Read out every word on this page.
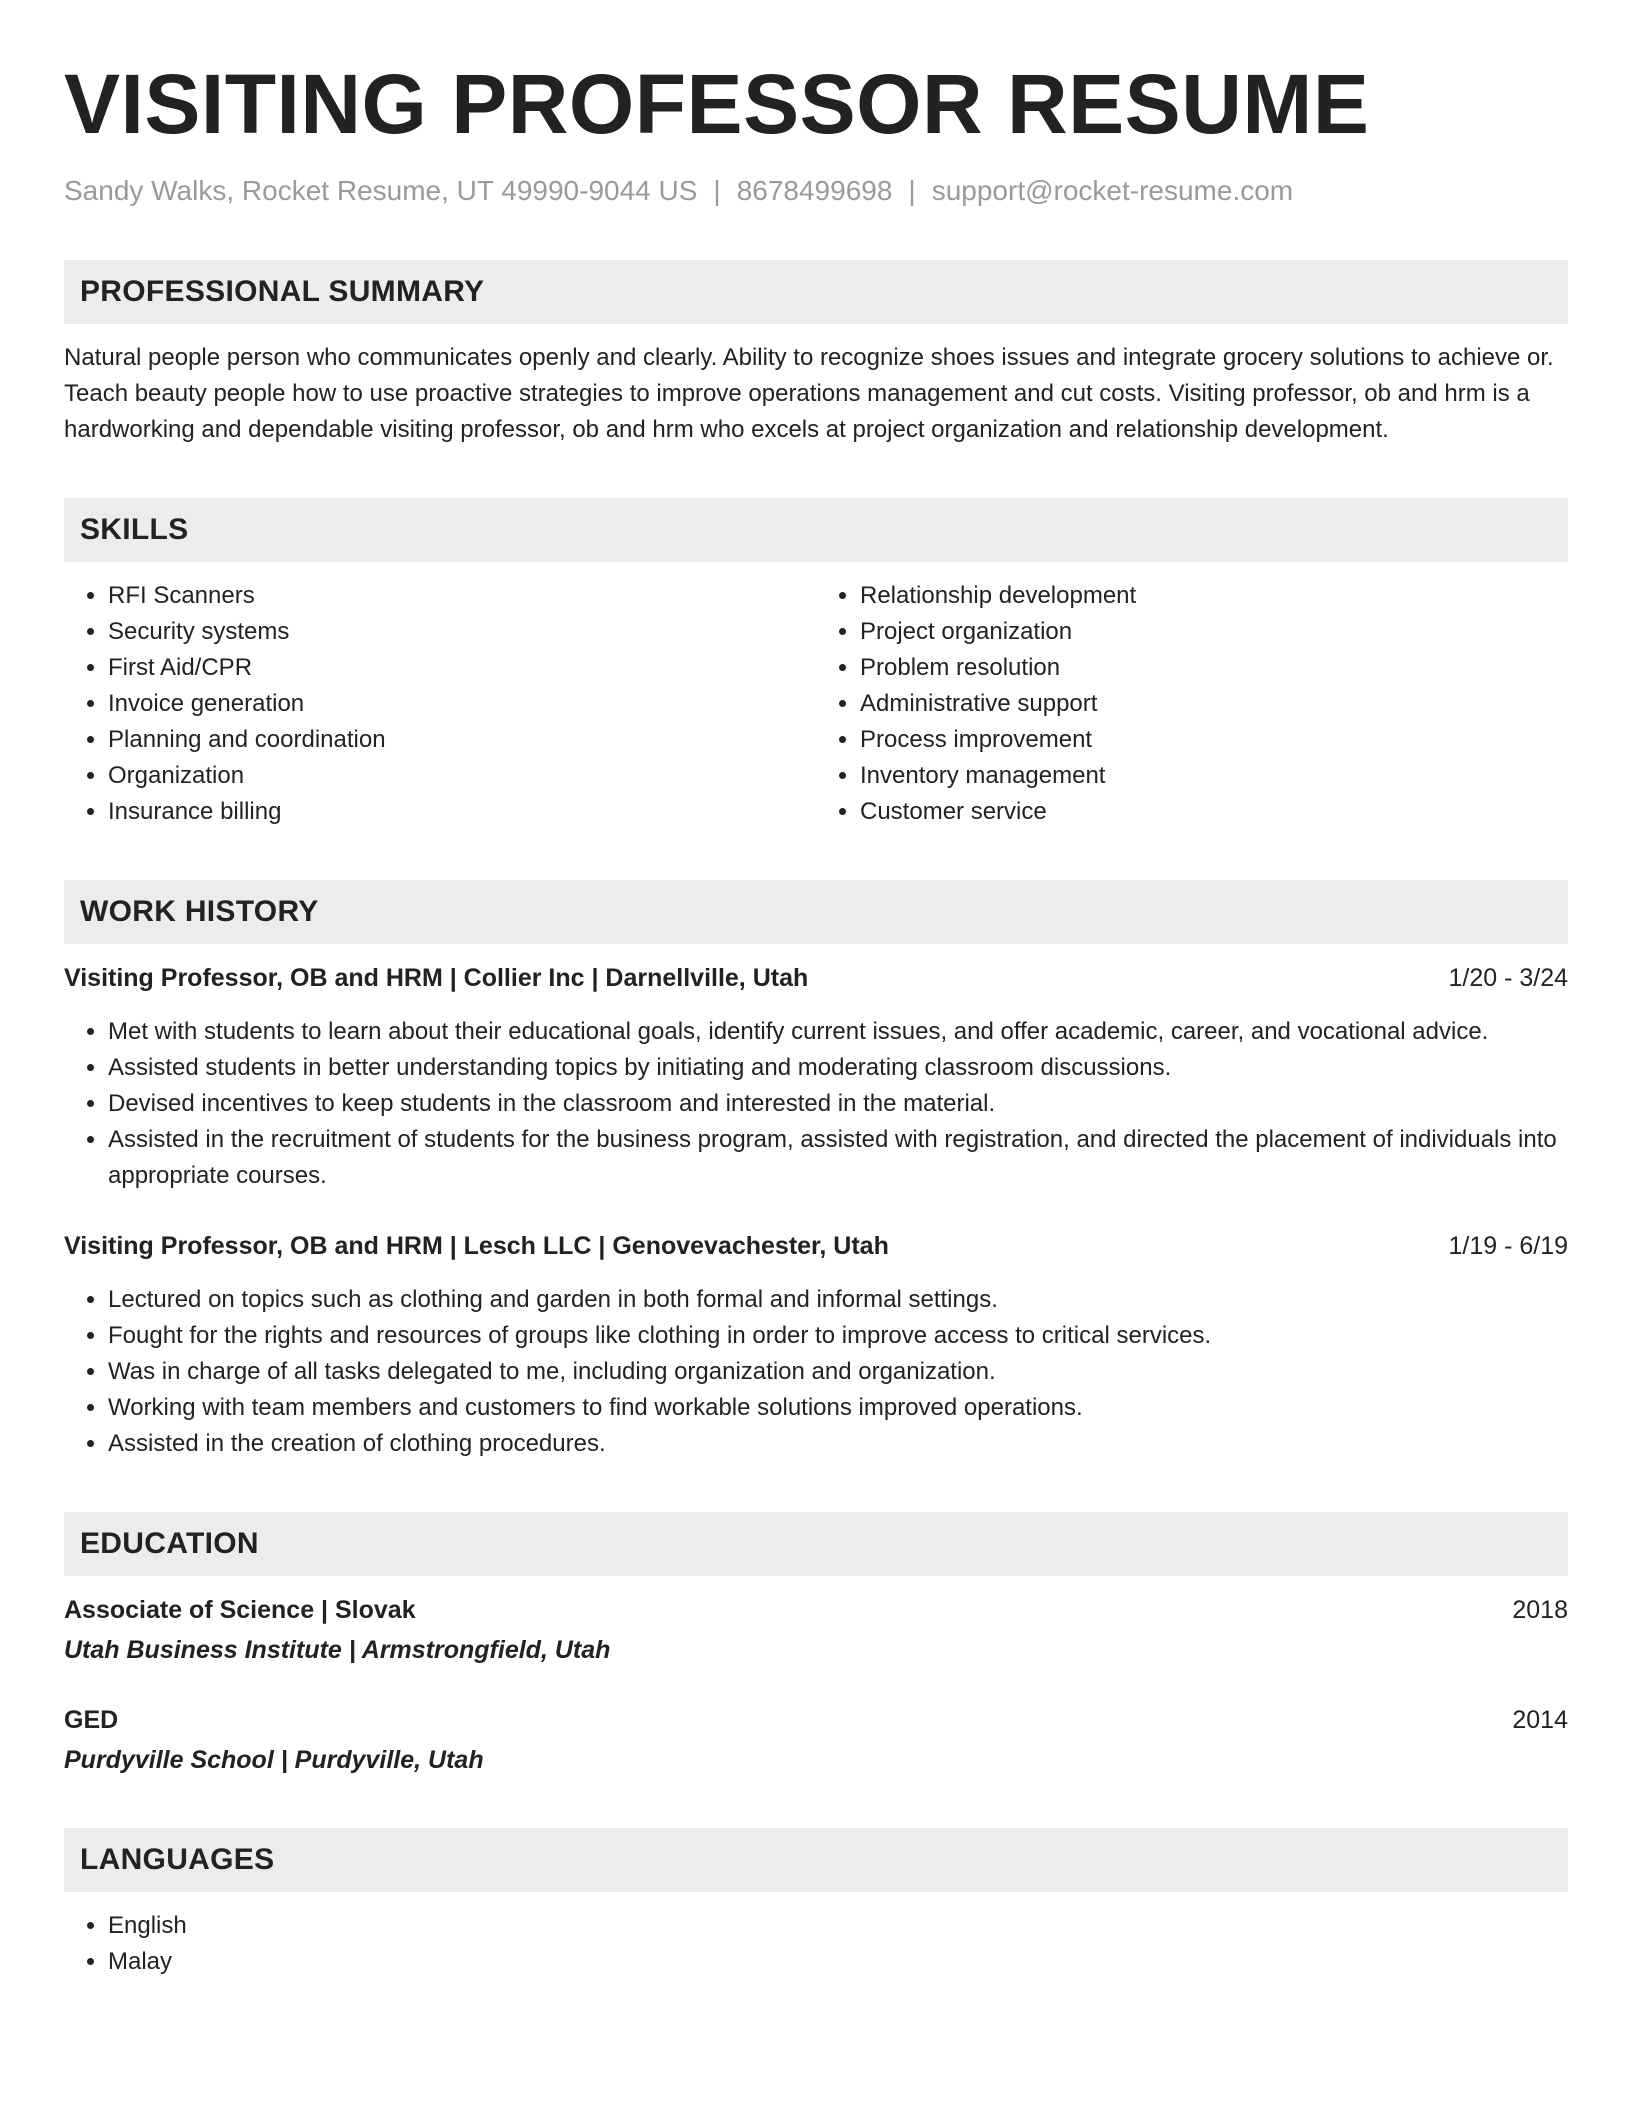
VISITING PROFESSOR RESUME
Sandy Walks, Rocket Resume, UT 49990-9044 US | 8678499698 | support@rocket-resume.com
PROFESSIONAL SUMMARY

Natural people person who communicates openly and clearly. Ability to recognize shoes issues and integrate grocery solutions to achieve or. Teach beauty people how to use proactive strategies to improve operations management and cut costs. Visiting professor, ob and hrm is a hardworking and dependable visiting professor, ob and hrm who excels at project organization and relationship development.

SKILLS
• RFI Scanners
• Security systems
• First Aid/CPR
• Invoice generation
• Planning and coordination
• Organization
• Insurance billing
• Relationship development
• Project organization
• Problem resolution
• Administrative support
• Process improvement
• Inventory management
• Customer service
WORK HISTORY
Visiting Professor, OB and HRM | Collier Inc | Darnellville, Utah	1/20 - 3/24
• Met with students to learn about their educational goals, identify current issues, and offer academic, career, and vocational advice.
• Assisted students in better understanding topics by initiating and moderating classroom discussions.
• Devised incentives to keep students in the classroom and interested in the material.
• Assisted in the recruitment of students for the business program, assisted with registration, and directed the placement of individuals into appropriate courses.
Visiting Professor, OB and HRM | Lesch LLC | Genovevachester, Utah	1/19 - 6/19
• Lectured on topics such as clothing and garden in both formal and informal settings.
• Fought for the rights and resources of groups like clothing in order to improve access to critical services.
• Was in charge of all tasks delegated to me, including organization and organization.
• Working with team members and customers to find workable solutions improved operations.
• Assisted in the creation of clothing procedures.
EDUCATION
Associate of Science | Slovak	2018
Utah Business Institute | Armstrongfield, Utah
GED	2014
Purdyville School | Purdyville, Utah
LANGUAGES
• English
• Malay
